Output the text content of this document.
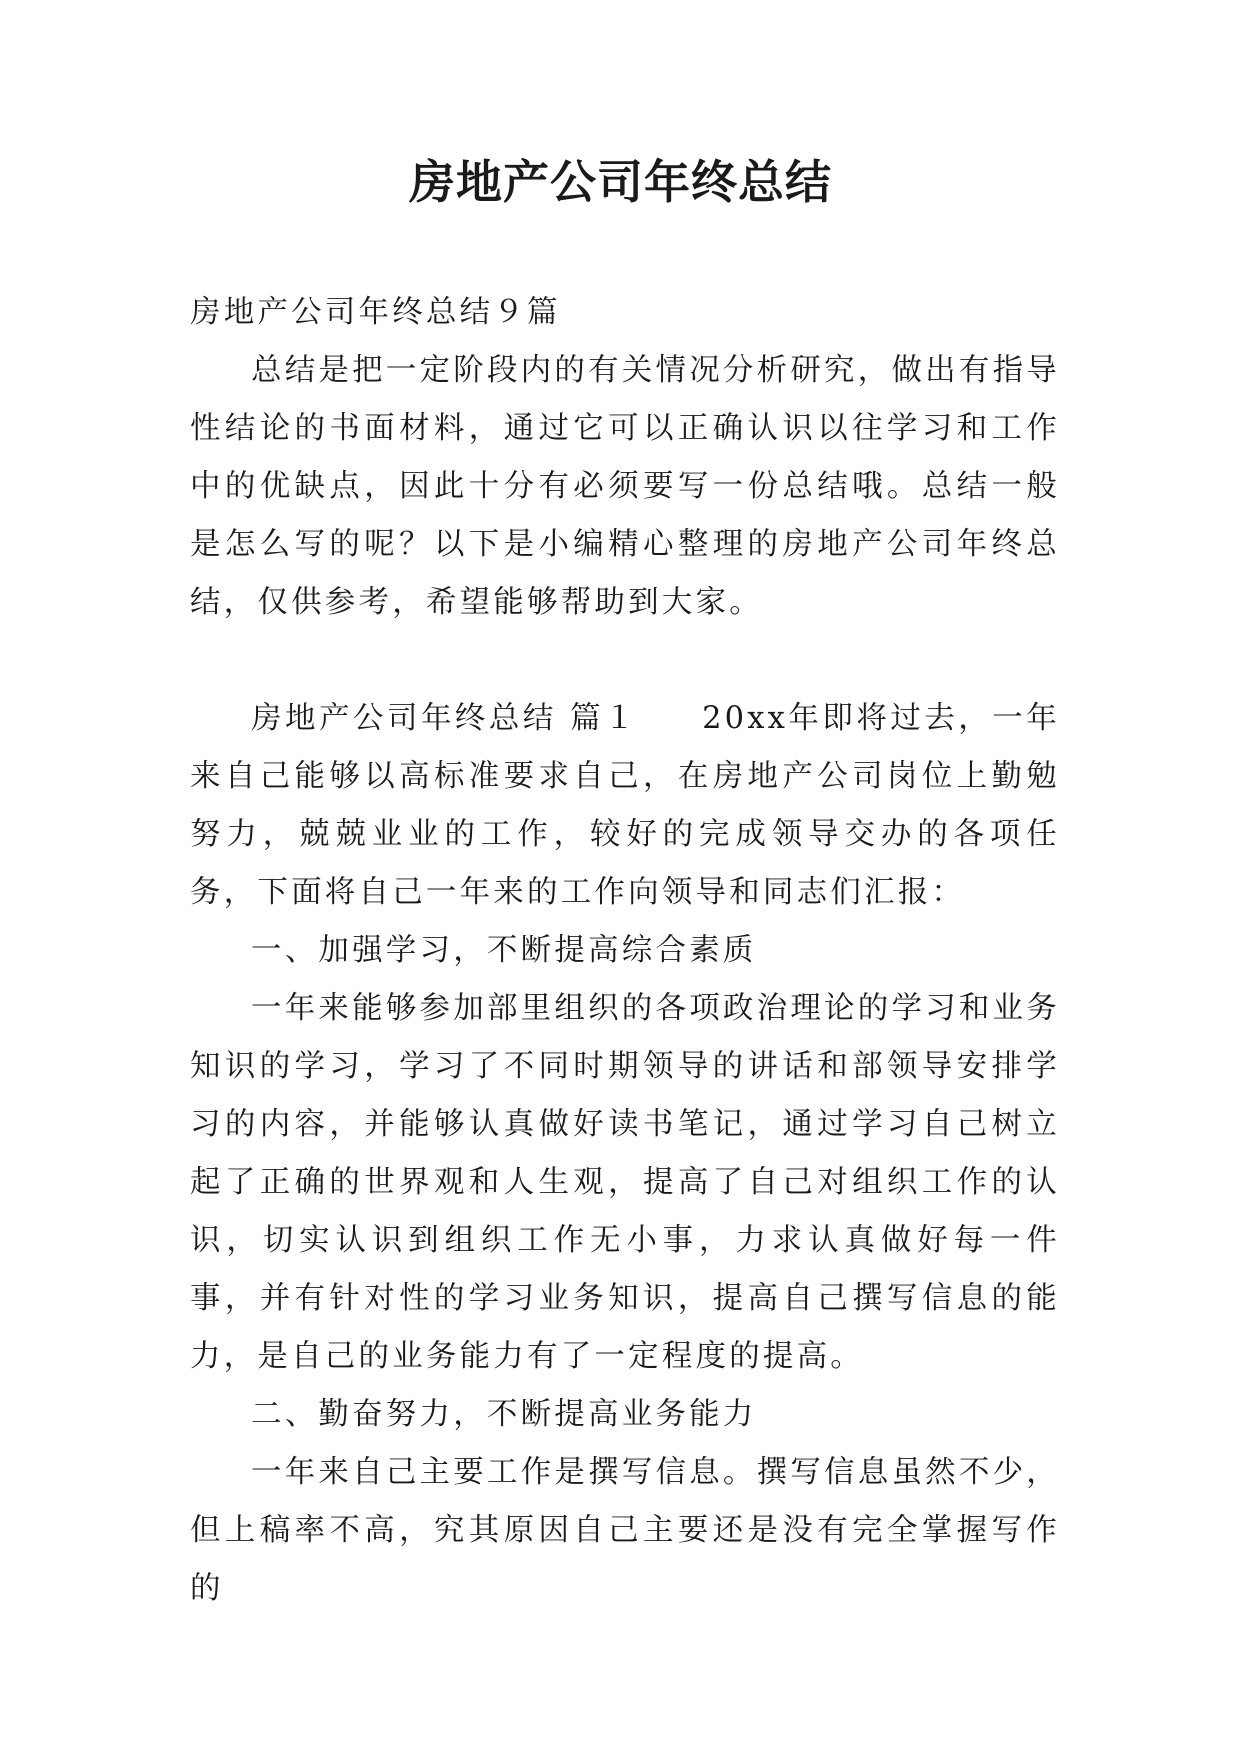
房地产公司年终总结

房地产公司年终总结９篇

总结是把一定阶段内的有关情况分析研究，做出有指导性结论的书面材料，通过它可以正确认识以往学习和工作中的优缺点，因此十分有必须要写一份总结哦。总结一般是怎么写的呢？以下是小编精心整理的房地产公司年终总结，仅供参考，希望能够帮助到大家。

房地产公司年终总结 篇１ 20xx年即将过去，一年来自己能够以高标准要求自己，在房地产公司岗位上勤勉努力，兢兢业业的工作，较好的完成领导交办的各项任务，下面将自己一年来的工作向领导和同志们汇报：

一、加强学习，不断提高综合素质

一年来能够参加部里组织的各项政治理论的学习和业务知识的学习，学习了不同时期领导的讲话和部领导安排学习的内容，并能够认真做好读书笔记，通过学习自己树立起了正确的世界观和人生观，提高了自己对组织工作的认识，切实认识到组织工作无小事，力求认真做好每一件事，并有针对性的学习业务知识，提高自己撰写信息的能力，是自己的业务能力有了一定程度的提高。

二、勤奋努力，不断提高业务能力

一年来自己主要工作是撰写信息。撰写信息虽然不少，但上稿率不高，究其原因自己主要还是没有完全掌握写作的
